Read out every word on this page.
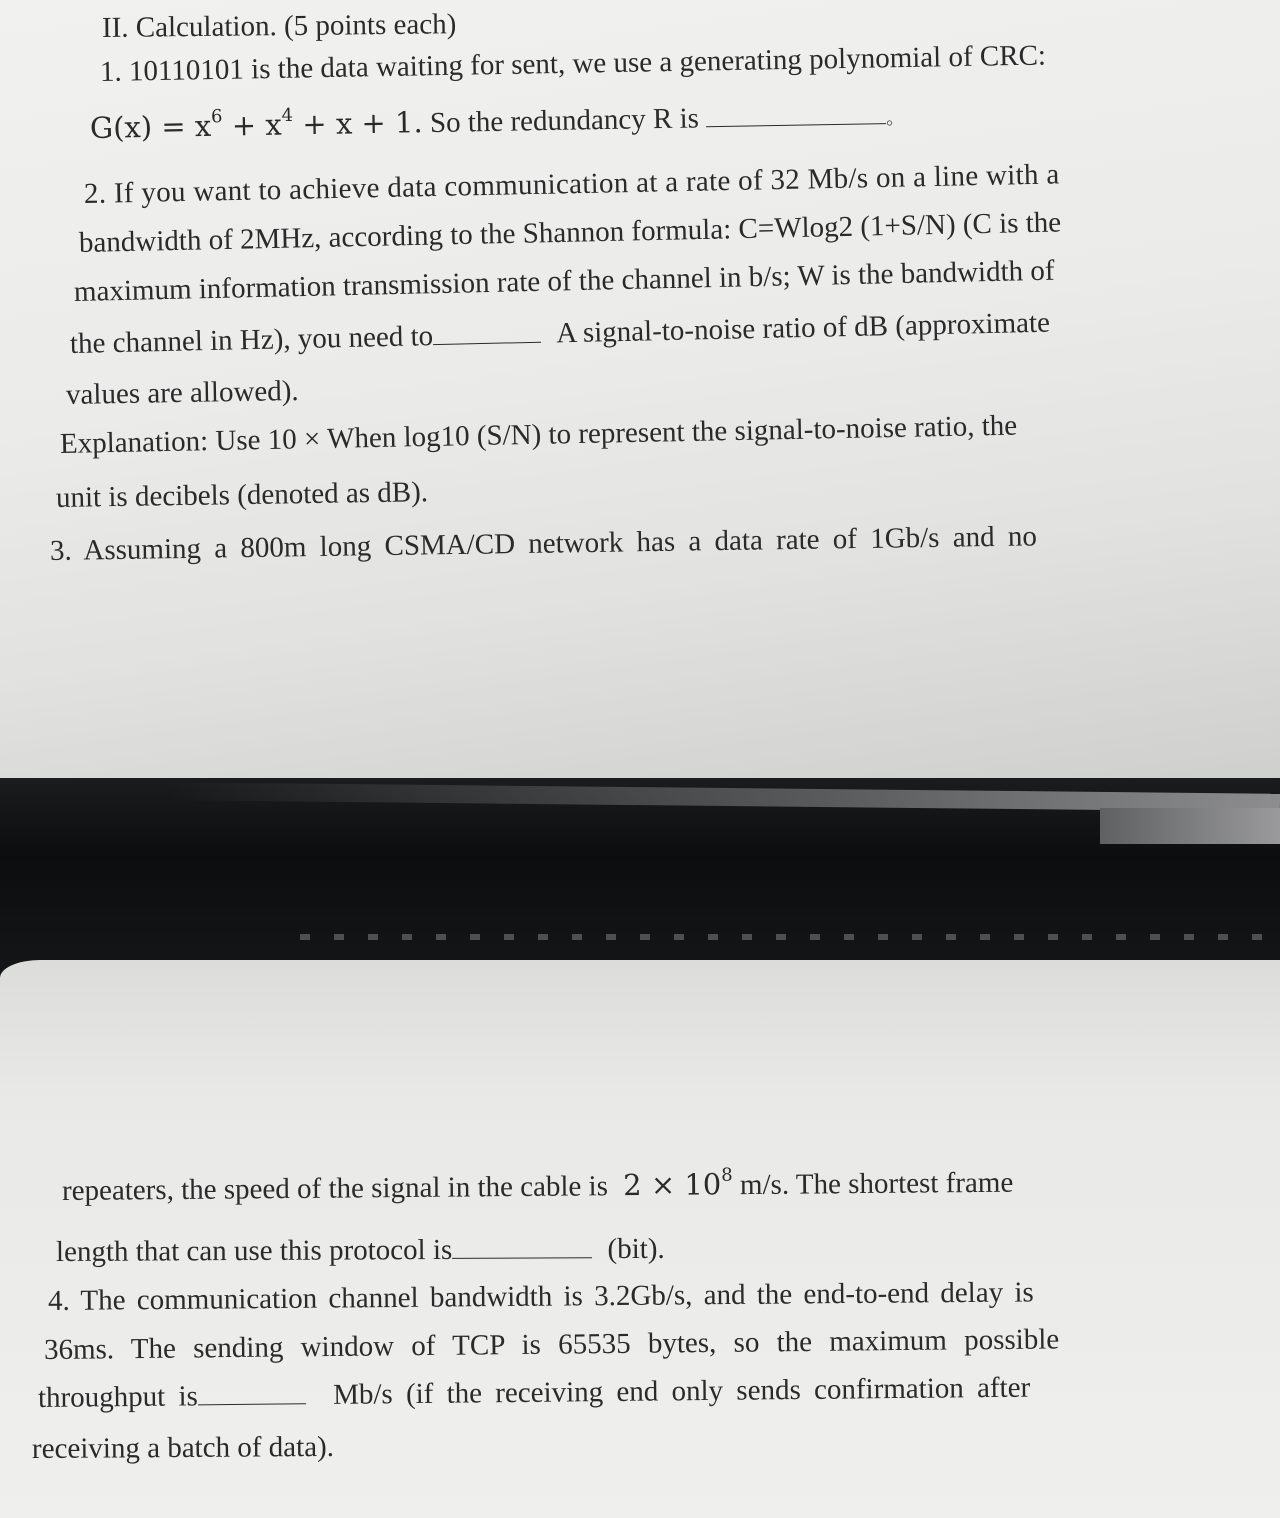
II. Calculation. (5 points each)
1. 10110101 is the data waiting for sent, we use a generating polynomial of CRC:
$G(x) = x^6 + x^4 + x + 1$. So the redundancy R is	。
2. If you want to achieve data communication at a rate of 32 Mb/s on a line with a
bandwidth of 2MHz, according to the Shannon formula: C=Wlog2 (1+S/N) (C is the
maximum information transmission rate of the channel in b/s; W is the bandwidth of
the channel in Hz), you need to	A signal-to-noise ratio of dB (approximate
values are allowed).
Explanation: Use 10 × When log10 (S/N) to represent the signal-to-noise ratio, the
unit is decibels (denoted as dB).
3. Assuming a 800m long CSMA/CD network has a data rate of 1Gb/s and no
repeaters, the speed of the signal in the cable is $2 \times 10^8$ m/s. The shortest frame
length that can use this protocol is	(bit).
4. The communication channel bandwidth is 3.2Gb/s, and the end-to-end delay is
36ms. The sending window of TCP is 65535 bytes, so the maximum possible
throughput is	Mb/s (if the receiving end only sends confirmation after
receiving a batch of data).
